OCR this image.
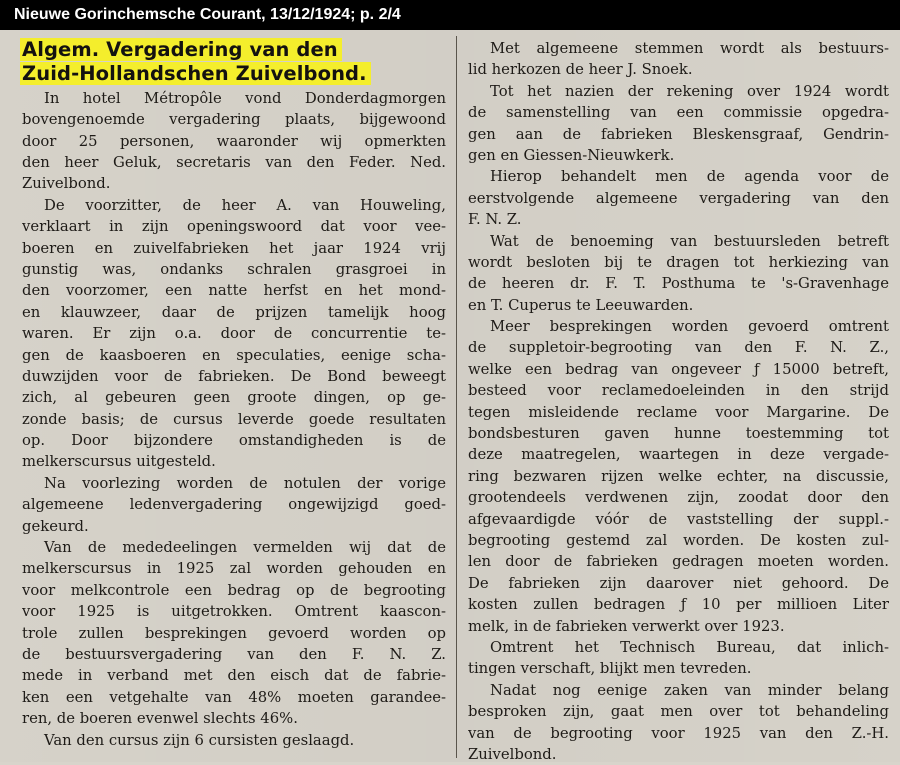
Nieuwe Gorinchemsche Courant, 13/12/1924; p. 2/4
Algem. Vergadering van den
Zuid-Hollandschen Zuivelbond.
In hotel Métropôle vond Donderdagmorgen
bovengenoemde vergadering plaats, bijgewoond
door 25 personen, waaronder wij opmerkten
den heer Geluk, secretaris van den Feder. Ned.
Zuivelbond.
De voorzitter, de heer A. van Houweling,
verklaart in zijn openingswoord dat voor vee-
boeren en zuivelfabrieken het jaar 1924 vrij
gunstig was, ondanks schralen grasgroei in
den voorzomer, een natte herfst en het mond-
en klauwzeer, daar de prijzen tamelijk hoog
waren. Er zijn o.a. door de concurrentie te-
gen de kaasboeren en speculaties, eenige scha-
duwzijden voor de fabrieken. De Bond beweegt
zich, al gebeuren geen groote dingen, op ge-
zonde basis; de cursus leverde goede resultaten
op. Door bijzondere omstandigheden is de
melkerscursus uitgesteld.
Na voorlezing worden de notulen der vorige
algemeene ledenvergadering ongewijzigd goed-
gekeurd.
Van de mededeelingen vermelden wij dat de
melkerscursus in 1925 zal worden gehouden en
voor melkcontrole een bedrag op de begrooting
voor 1925 is uitgetrokken. Omtrent kaascon-
trole zullen besprekingen gevoerd worden op
de bestuursvergadering van den F. N. Z.
mede in verband met den eisch dat de fabrie-
ken een vetgehalte van 48% moeten garandee-
ren, de boeren evenwel slechts 46%.
Van den cursus zijn 6 cursisten geslaagd.
Met algemeene stemmen wordt als bestuurs-
lid herkozen de heer J. Snoek.
Tot het nazien der rekening over 1924 wordt
de samenstelling van een commissie opgedra-
gen aan de fabrieken Bleskensgraaf, Gendrin-
gen en Giessen-Nieuwkerk.
Hierop behandelt men de agenda voor de
eerstvolgende algemeene vergadering van den
F. N. Z.
Wat de benoeming van bestuursleden betreft
wordt besloten bij te dragen tot herkiezing van
de heeren dr. F. T. Posthuma te 's-Gravenhage
en T. Cuperus te Leeuwarden.
Meer besprekingen worden gevoerd omtrent
de suppletoir-begrooting van den F. N. Z.,
welke een bedrag van ongeveer ƒ 15000 betreft,
besteed voor reclamedoeleinden in den strijd
tegen misleidende reclame voor Margarine. De
bondsbesturen gaven hunne toestemming tot
deze maatregelen, waartegen in deze vergade-
ring bezwaren rijzen welke echter, na discussie,
grootendeels verdwenen zijn, zoodat door den
afgevaardigde vóór de vaststelling der suppl.-
begrooting gestemd zal worden. De kosten zul-
len door de fabrieken gedragen moeten worden.
De fabrieken zijn daarover niet gehoord. De
kosten zullen bedragen ƒ 10 per millioen Liter
melk, in de fabrieken verwerkt over 1923.
Omtrent het Technisch Bureau, dat inlich-
tingen verschaft, blijkt men tevreden.
Nadat nog eenige zaken van minder belang
besproken zijn, gaat men over tot behandeling
van de begrooting voor 1925 van den Z.-H.
Zuivelbond.
